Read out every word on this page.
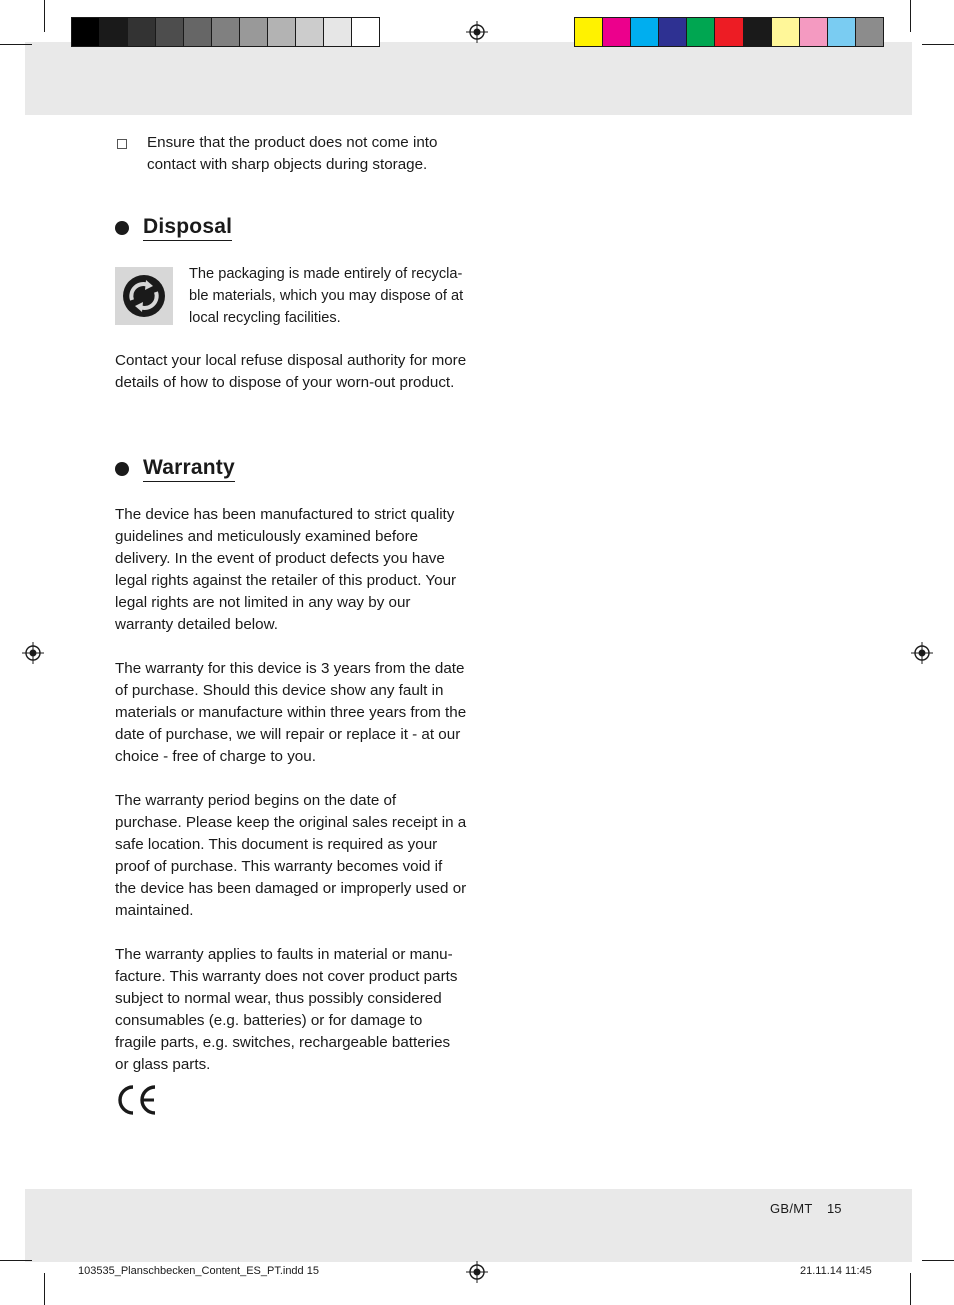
Ensure that the product does not come into contact with sharp objects during storage.

Disposal

The packaging is made entirely of recycla-ble materials, which you may dispose of at local recycling facilities.

Contact your local refuse disposal authority for more details of how to dispose of your worn-out product.

Warranty

The device has been manufactured to strict quality guidelines and meticulously examined before delivery. In the event of product defects you have legal rights against the retailer of this product. Your legal rights are not limited in any way by our warranty detailed below.

The warranty for this device is 3 years from the date of purchase. Should this device show any fault in materials or manufacture within three years from the date of purchase, we will repair or replace it - at our choice - free of charge to you.

The warranty period begins on the date of purchase. Please keep the original sales receipt in a safe location. This document is required as your proof of purchase. This warranty becomes void if the device has been damaged or improperly used or maintained.

The warranty applies to faults in material or manu-facture. This warranty does not cover product parts subject to normal wear, thus possibly considered consumables (e.g. batteries) or for damage to fragile parts, e.g. switches, rechargeable batteries or glass parts.

GB/MT 15
103535_Planschbecken_Content_ES_PT.indd 15	21.11.14 11:45
